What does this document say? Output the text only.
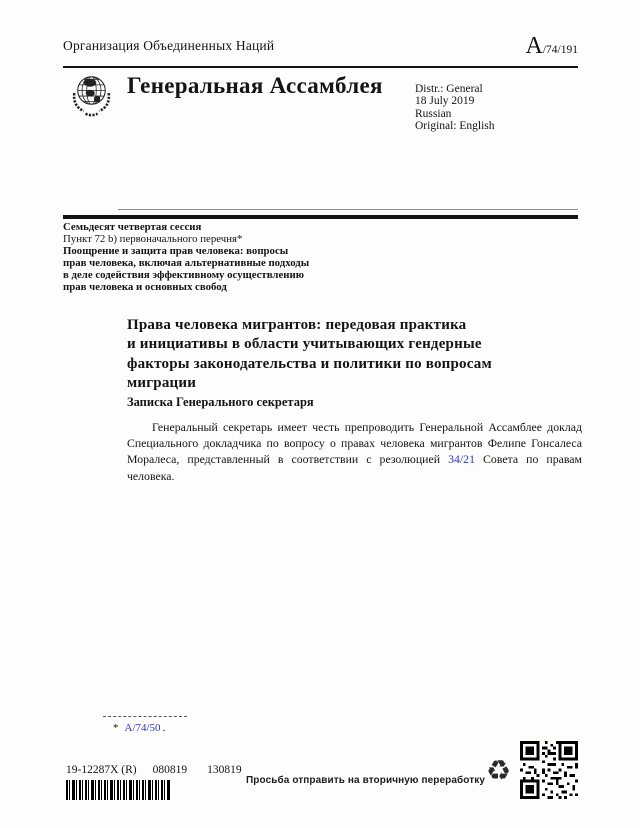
Организация Объединенных Наций	A/74/191
Генеральная Ассамблея	Distr.: General
18 July 2019
Russian
Original: English
Семьдесят четвертая сессия
Пункт 72 b) первоначального перечня*
Поощрение и защита прав человека: вопросы
прав человека, включая альтернативные подходы
в деле содействия эффективному осуществлению
прав человека и основных свобод
Права человека мигрантов: передовая практика
и инициативы в области учитывающих гендерные
факторы законодательства и политики по вопросам
миграции
Записка Генерального секретаря
Генеральный секретарь имеет честь препроводить Генеральной Ассамблее доклад Специального докладчика по вопросу о правах человека мигрантов Фелипе Гонсалеса Моралеса, представленный в соответствии с резолюцией 34/21 Совета по правам человека.
* A/74/50 .
19-12287X (R) 080819 130819
Просьба отправить на вторичную переработку ♻
